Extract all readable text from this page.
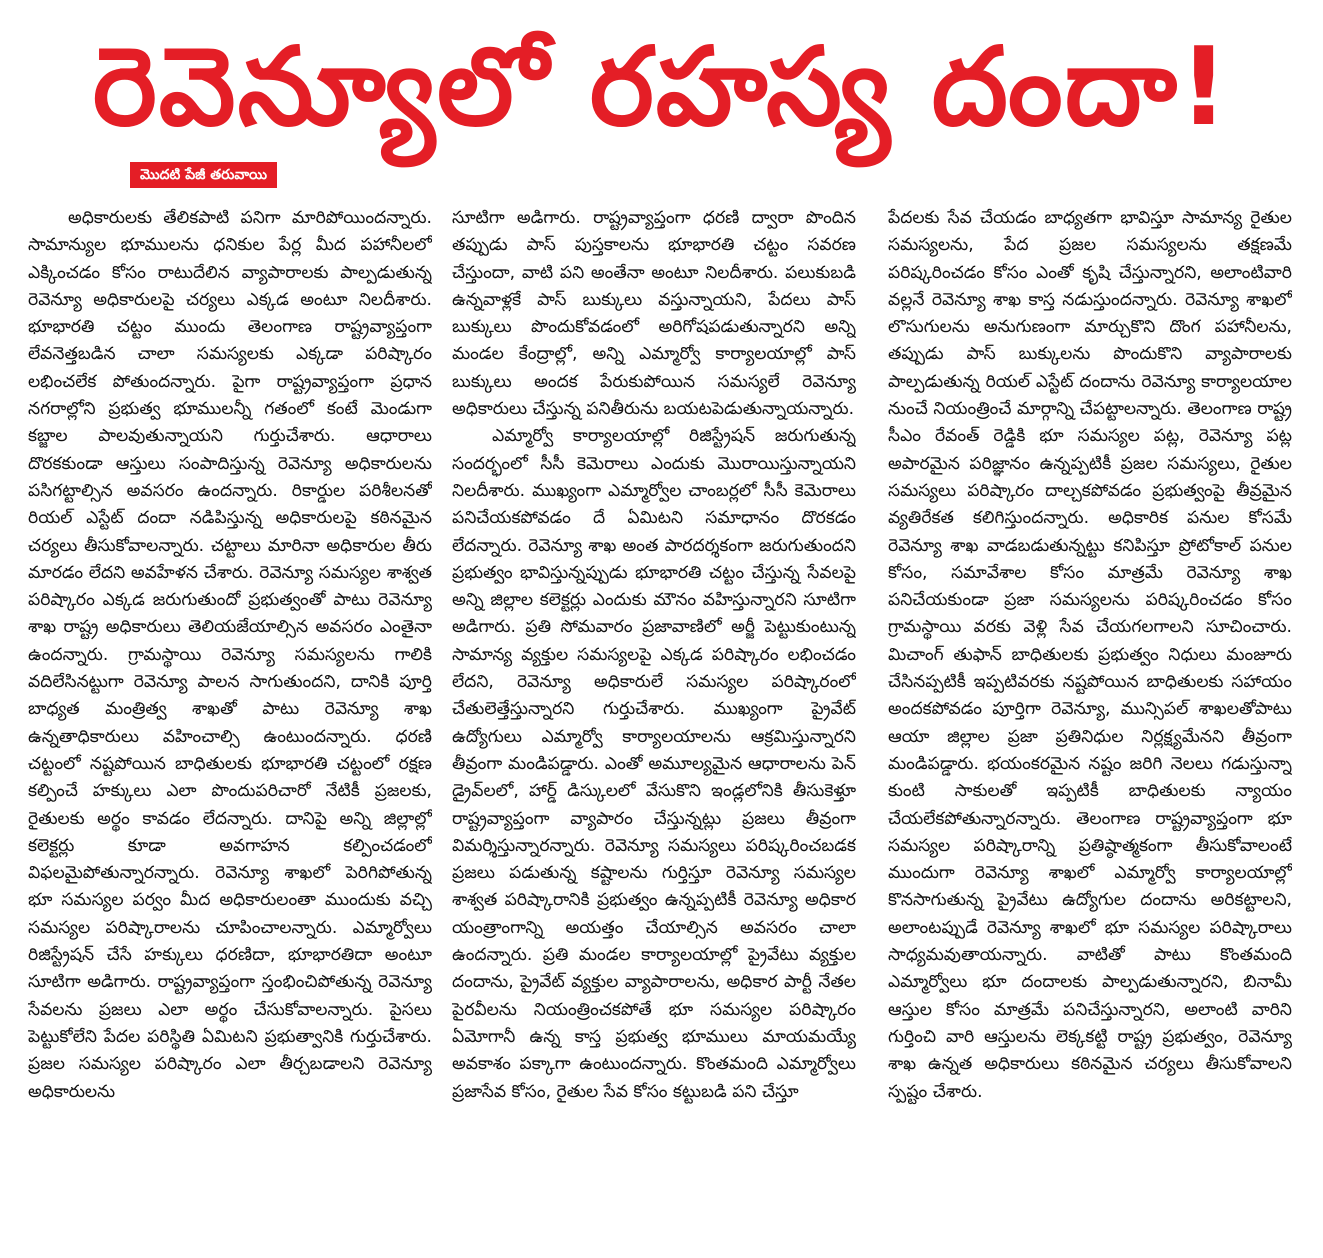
రెవెన్యూలో రహస్య దందా!
మొదటి పేజీ తరువాయి

అధికారులకు తేలికపాటి పనిగా మారిపోయిందన్నారు. సామాన్యుల భూములను ధనికుల పేర్ల మీద పహానీలలో ఎక్కించడం కోసం రాటుదేలిన వ్యాపారాలకు పాల్పడుతున్న రెవెన్యూ అధికారులపై చర్యలు ఎక్కడ అంటూ నిలదీశారు. భూభారతి చట్టం ముందు తెలంగాణ రాష్ట్రవ్యాప్తంగా లేవనెత్తబడిన చాలా సమస్యలకు ఎక్కడా పరిష్కారం లభించలేక పోతుందన్నారు. పైగా రాష్ట్రవ్యాప్తంగా ప్రధాన నగరాల్లోని ప్రభుత్వ భూములన్నీ గతంలో కంటే మెండుగా కబ్జాల పాలవుతున్నాయని గుర్తుచేశారు. ఆధారాలు దొరకకుండా ఆస్తులు సంపాదిస్తున్న రెవెన్యూ అధికారులను పసిగట్టాల్సిన అవసరం ఉందన్నారు. రికార్డుల పరిశీలనతో రియల్ ఎస్టేట్ దందా నడిపిస్తున్న అధికారులపై కఠినమైన చర్యలు తీసుకోవాలన్నారు. చట్టాలు మారినా అధికారుల తీరు మారడం లేదని అవహేళన చేశారు. రెవెన్యూ సమస్యల శాశ్వత పరిష్కారం ఎక్కడ జరుగుతుందో ప్రభుత్వంతో పాటు రెవెన్యూ శాఖ రాష్ట్ర అధికారులు తెలియజేయాల్సిన అవసరం ఎంతైనా ఉందన్నారు. గ్రామస్థాయి రెవెన్యూ సమస్యలను గాలికి వదిలేసినట్టుగా రెవెన్యూ పాలన సాగుతుందని, దానికి పూర్తి బాధ్యత మంత్రిత్వ శాఖతో పాటు రెవెన్యూ శాఖ ఉన్నతాధికారులు వహించాల్సి ఉంటుందన్నారు. ధరణి చట్టంలో నష్టపోయిన బాధితులకు భూభారతి చట్టంలో రక్షణ కల్పించే హక్కులు ఎలా పొందుపరిచారో నేటికీ ప్రజలకు, రైతులకు అర్థం కావడం లేదన్నారు. దానిపై అన్ని జిల్లాల్లో కలెక్టర్లు కూడా అవగాహన కల్పించడంలో విఫలమైపోతున్నారన్నారు. రెవెన్యూ శాఖలో పెరిగిపోతున్న భూ సమస్యల పర్వం మీద అధికారులంతా ముందుకు వచ్చి సమస్యల పరిష్కారాలను చూపించాలన్నారు. ఎమ్మార్వోలు రిజిస్ట్రేషన్ చేసే హక్కులు ధరణిదా, భూభారతిదా అంటూ సూటిగా అడిగారు. రాష్ట్రవ్యాప్తంగా స్తంభించిపోతున్న రెవెన్యూ సేవలను ప్రజలు ఎలా అర్థం చేసుకోవాలన్నారు. పైసలు పెట్టుకోలేని పేదల పరిస్థితి ఏమిటని ప్రభుత్వానికి గుర్తుచేశారు. ప్రజల సమస్యల పరిష్కారం ఎలా తీర్చబడాలని రెవెన్యూ అధికారులను

సూటిగా అడిగారు. రాష్ట్రవ్యాప్తంగా ధరణి ద్వారా పొందిన తప్పుడు పాస్ పుస్తకాలను భూభారతి చట్టం సవరణ చేస్తుందా, వాటి పని అంతేనా అంటూ నిలదీశారు. పలుకుబడి ఉన్నవాళ్లకే పాస్ బుక్కులు వస్తున్నాయని, పేదలు పాస్ బుక్కులు పొందుకోవడంలో అరిగోషపడుతున్నారని అన్ని మండల కేంద్రాల్లో, అన్ని ఎమ్మార్వో కార్యాలయాల్లో పాస్ బుక్కులు అందక పేరుకుపోయిన సమస్యలే రెవెన్యూ అధికారులు చేస్తున్న పనితీరును బయటపెడుతున్నాయన్నారు.

ఎమ్మార్వో కార్యాలయాల్లో రిజిస్ట్రేషన్ జరుగుతున్న సందర్భంలో సీసీ కెమెరాలు ఎందుకు మొరాయిస్తున్నాయని నిలదీశారు. ముఖ్యంగా ఎమ్మార్వోల చాంబర్లలో సీసీ కెమెరాలు పనిచేయకపోవడం దే ఏమిటని సమాధానం దొరకడం లేదన్నారు. రెవెన్యూ శాఖ అంత పారదర్శకంగా జరుగుతుందని ప్రభుత్వం భావిస్తున్నప్పుడు భూభారతి చట్టం చేస్తున్న సేవలపై అన్ని జిల్లాల కలెక్టర్లు ఎందుకు మౌనం వహిస్తున్నారని సూటిగా అడిగారు. ప్రతి సోమవారం ప్రజావాణిలో అర్జీ పెట్టుకుంటున్న సామాన్య వ్యక్తుల సమస్యలపై ఎక్కడ పరిష్కారం లభించడం లేదని, రెవెన్యూ అధికారులే సమస్యల పరిష్కారంలో చేతులెత్తేస్తున్నారని గుర్తుచేశారు. ముఖ్యంగా ప్రైవేట్ ఉద్యోగులు ఎమ్మార్వో కార్యాలయాలను ఆక్రమిస్తున్నారని తీవ్రంగా మండిపడ్డారు. ఎంతో అమూల్యమైన ఆధారాలను పెన్ డ్రైవ్‌లలో, హార్డ్ డిస్కులలో వేసుకొని ఇండ్లలోనికి తీసుకెళ్తూ రాష్ట్రవ్యాప్తంగా వ్యాపారం చేస్తున్నట్లు ప్రజలు తీవ్రంగా విమర్శిస్తున్నారన్నారు. రెవెన్యూ సమస్యలు పరిష్కరించబడక ప్రజలు పడుతున్న కష్టాలను గుర్తిస్తూ రెవెన్యూ సమస్యల శాశ్వత పరిష్కారానికి ప్రభుత్వం ఉన్నప్పటికీ రెవెన్యూ అధికార యంత్రాంగాన్ని అయత్తం చేయాల్సిన అవసరం చాలా ఉందన్నారు. ప్రతి మండల కార్యాలయాల్లో ప్రైవేటు వ్యక్తుల దందాను, ప్రైవేట్ వ్యక్తుల వ్యాపారాలను, అధికార పార్టీ నేతల పైరవీలను నియంత్రించకపోతే భూ సమస్యల పరిష్కారం ఏమోగానీ ఉన్న కాస్త ప్రభుత్వ భూములు మాయమయ్యే అవకాశం పక్కాగా ఉంటుందన్నారు. కొంతమంది ఎమ్మార్వోలు ప్రజాసేవ కోసం, రైతుల సేవ కోసం కట్టుబడి పని చేస్తూ

పేదలకు సేవ చేయడం బాధ్యతగా భావిస్తూ సామాన్య రైతుల సమస్యలను, పేద ప్రజల సమస్యలను తక్షణమే పరిష్కరించడం కోసం ఎంతో కృషి చేస్తున్నారని, అలాంటివారి వల్లనే రెవెన్యూ శాఖ కాస్త నడుస్తుందన్నారు. రెవెన్యూ శాఖలో లొసుగులను అనుగుణంగా మార్చుకొని దొంగ పహానీలను, తప్పుడు పాస్ బుక్కులను పొందుకొని వ్యాపారాలకు పాల్పడుతున్న రియల్ ఎస్టేట్ దందాను రెవెన్యూ కార్యాలయాల నుంచే నియంత్రించే మార్గాన్ని చేపట్టాలన్నారు. తెలంగాణ రాష్ట్ర సీఎం రేవంత్ రెడ్డికి భూ సమస్యల పట్ల, రెవెన్యూ పట్ల అపారమైన పరిజ్ఞానం ఉన్నప్పటికీ ప్రజల సమస్యలు, రైతుల సమస్యలు పరిష్కారం దాల్చకపోవడం ప్రభుత్వంపై తీవ్రమైన వ్యతిరేకత కలిగిస్తుందన్నారు. అధికారిక పనుల కోసమే రెవెన్యూ శాఖ వాడబడుతున్నట్టు కనిపిస్తూ ప్రోటోకాల్ పనుల కోసం, సమావేశాల కోసం మాత్రమే రెవెన్యూ శాఖ పనిచేయకుండా ప్రజా సమస్యలను పరిష్కరించడం కోసం గ్రామస్థాయి వరకు వెళ్లి సేవ చేయగలగాలని సూచించారు. మిచాంగ్ తుఫాన్ బాధితులకు ప్రభుత్వం నిధులు మంజూరు చేసినప్పటికీ ఇప్పటివరకు నష్టపోయిన బాధితులకు సహాయం అందకపోవడం పూర్తిగా రెవెన్యూ, మున్సిపల్ శాఖలతోపాటు ఆయా జిల్లాల ప్రజా ప్రతినిధుల నిర్లక్ష్యమేనని తీవ్రంగా మండిపడ్డారు. భయంకరమైన నష్టం జరిగి నెలలు గడుస్తున్నా కుంటి సాకులతో ఇప్పటికీ బాధితులకు న్యాయం చేయలేకపోతున్నారన్నారు. తెలంగాణ రాష్ట్రవ్యాప్తంగా భూ సమస్యల పరిష్కారాన్ని ప్రతిష్ఠాత్మకంగా తీసుకోవాలంటే ముందుగా రెవెన్యూ శాఖలో ఎమ్మార్వో కార్యాలయాల్లో కొనసాగుతున్న ప్రైవేటు ఉద్యోగుల దందాను అరికట్టాలని, అలాంటప్పుడే రెవెన్యూ శాఖలో భూ సమస్యల పరిష్కారాలు సాధ్యమవుతాయన్నారు. వాటితో పాటు కొంతమంది ఎమ్మార్వోలు భూ దందాలకు పాల్పడుతున్నారని, బినామీ ఆస్తుల కోసం మాత్రమే పనిచేస్తున్నారని, అలాంటి వారిని గుర్తించి వారి ఆస్తులను లెక్కకట్టి రాష్ట్ర ప్రభుత్వం, రెవెన్యూ శాఖ ఉన్నత అధికారులు కఠినమైన చర్యలు తీసుకోవాలని స్పష్టం చేశారు.
